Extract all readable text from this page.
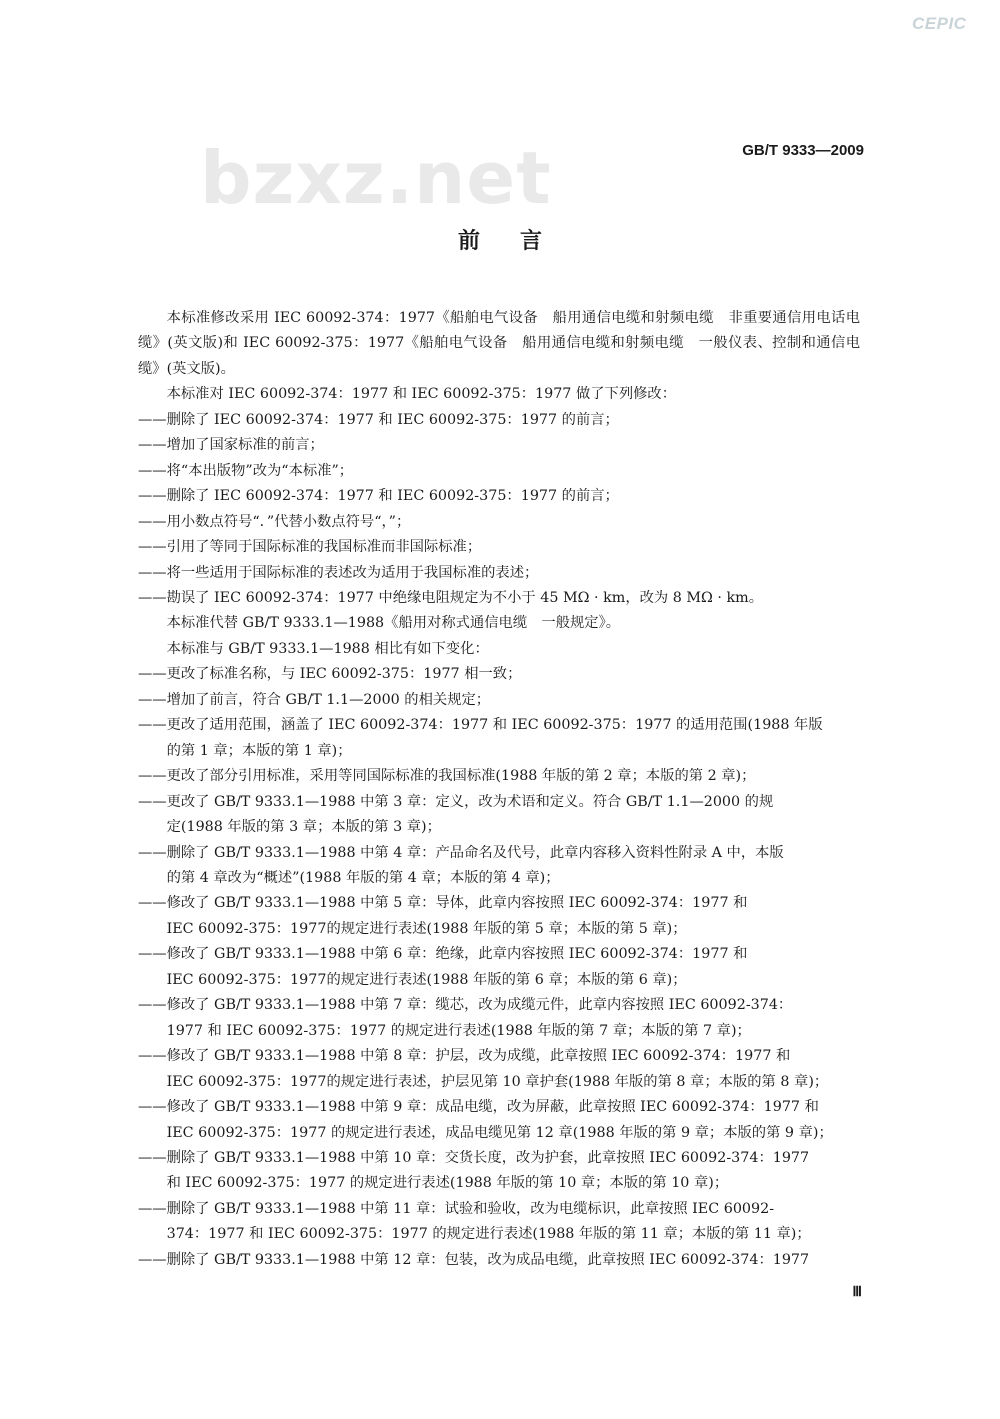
CEPIC
bzxz.net	GB/T 9333—2009
前言

本标准修改采用 IEC 60092-374：1977《船舶电气设备　船用通信电缆和射频电缆　非重要通信用电话电缆》(英文版)和 IEC 60092-375：1977《船舶电气设备　船用通信电缆和射频电缆　一般仪表、控制和通信电缆》(英文版)。

本标准对 IEC 60092-374：1977 和 IEC 60092-375：1977 做了下列修改：

——删除了 IEC 60092-374：1977 和 IEC 60092-375：1977 的前言；

——增加了国家标准的前言；

——将“本出版物”改为“本标准”；

——删除了 IEC 60092-374：1977 和 IEC 60092-375：1977 的前言；

——用小数点符号“．”代替小数点符号“，”；

——引用了等同于国际标准的我国标准而非国际标准；

——将一些适用于国际标准的表述改为适用于我国标准的表述；

——勘误了 IEC 60092-374：1977 中绝缘电阻规定为不小于 45 MΩ · km，改为 8 MΩ · km。

本标准代替 GB/T 9333.1—1988《船用对称式通信电缆　一般规定》。

本标准与 GB/T 9333.1—1988 相比有如下变化：

——更改了标准名称，与 IEC 60092-375：1977 相一致；

——增加了前言，符合 GB/T 1.1—2000 的相关规定；

——更改了适用范围，涵盖了 IEC 60092-374：1977 和 IEC 60092-375：1977 的适用范围(1988 年版
的第 1 章；本版的第 1 章)；

——更改了部分引用标准，采用等同国际标准的我国标准(1988 年版的第 2 章；本版的第 2 章)；

——更改了 GB/T 9333.1—1988 中第 3 章：定义，改为术语和定义。符合 GB/T 1.1—2000 的规
定(1988 年版的第 3 章；本版的第 3 章)；

——删除了 GB/T 9333.1—1988 中第 4 章：产品命名及代号，此章内容移入资料性附录 A 中，本版
的第 4 章改为“概述”(1988 年版的第 4 章；本版的第 4 章)；

——修改了 GB/T 9333.1—1988 中第 5 章：导体，此章内容按照 IEC 60092-374：1977 和
IEC 60092-375：1977的规定进行表述(1988 年版的第 5 章；本版的第 5 章)；

——修改了 GB/T 9333.1—1988 中第 6 章：绝缘，此章内容按照 IEC 60092-374：1977 和
IEC 60092-375：1977的规定进行表述(1988 年版的第 6 章；本版的第 6 章)；

——修改了 GB/T 9333.1—1988 中第 7 章：缆芯，改为成缆元件，此章内容按照 IEC 60092-374：
1977 和 IEC 60092-375：1977 的规定进行表述(1988 年版的第 7 章；本版的第 7 章)；

——修改了 GB/T 9333.1—1988 中第 8 章：护层，改为成缆，此章按照 IEC 60092-374：1977 和
IEC 60092-375：1977的规定进行表述，护层见第 10 章护套(1988 年版的第 8 章；本版的第 8 章)；

——修改了 GB/T 9333.1—1988 中第 9 章：成品电缆，改为屏蔽，此章按照 IEC 60092-374：1977 和
IEC 60092-375：1977 的规定进行表述，成品电缆见第 12 章(1988 年版的第 9 章；本版的第 9 章)；

——删除了 GB/T 9333.1—1988 中第 10 章：交货长度，改为护套，此章按照 IEC 60092-374：1977
和 IEC 60092-375：1977 的规定进行表述(1988 年版的第 10 章；本版的第 10 章)；

——删除了 GB/T 9333.1—1988 中第 11 章：试验和验收，改为电缆标识，此章按照 IEC 60092-
374：1977 和 IEC 60092-375：1977 的规定进行表述(1988 年版的第 11 章；本版的第 11 章)；

——删除了 GB/T 9333.1—1988 中第 12 章：包装，改为成品电缆，此章按照 IEC 60092-374：1977

Ⅲ
